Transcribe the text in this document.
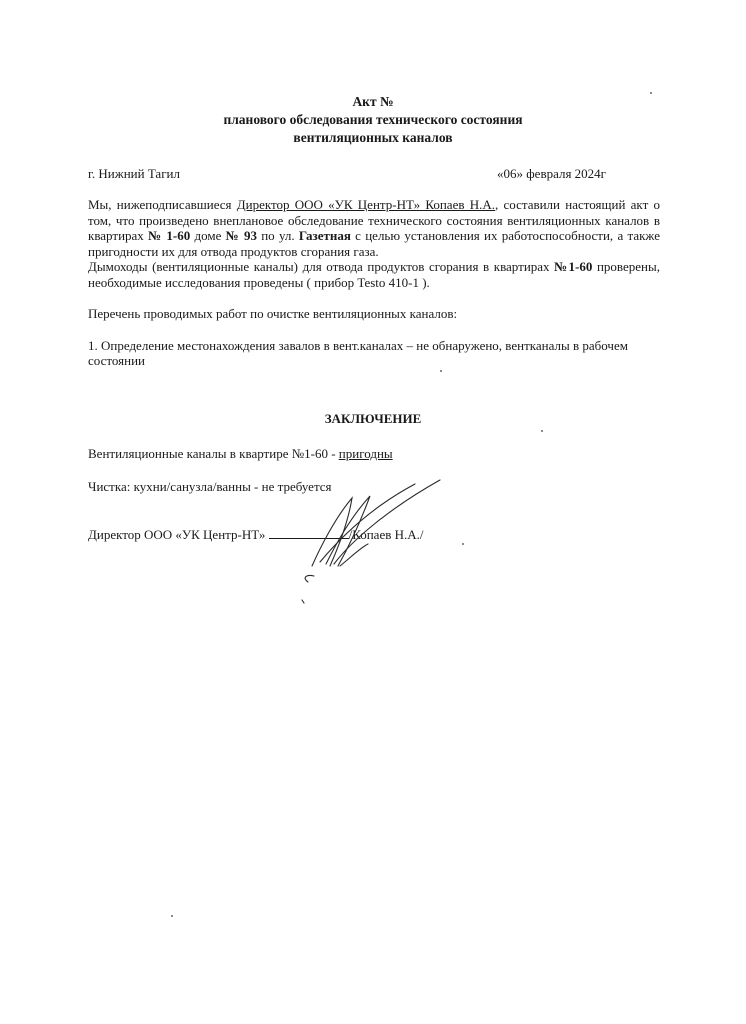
Акт №
планового обследования технического состояния
вентиляционных каналов
г. Нижний Тагил	«06» февраля 2024г

Мы, нижеподписавшиеся Директор ООО «УК Центр-НТ» Копаев Н.А., составили настоящий акт о том, что произведено внеплановое обследование технического состояния вентиляционных каналов в квартирах № 1-60 доме № 93 по ул. Газетная с целью установления их работоспособности, а также пригодности их для отвода продуктов сгорания газа.

Дымоходы (вентиляционные каналы) для отвода продуктов сгорания в квартирах №1-60 проверены, необходимые исследования проведены ( прибор Testo 410-1 ).

Перечень проводимых работ по очистке вентиляционных каналов:

1. Определение местонахождения завалов в вент.каналах – не обнаружено, вентканалы в рабочем состоянии

ЗАКЛЮЧЕНИЕ
Вентиляционные каналы в квартире №1-60 - пригодны
Чистка: кухни/санузла/ванны - не требуется
Директор ООО «УК Центр-НТ»	/Копаев Н.А./
